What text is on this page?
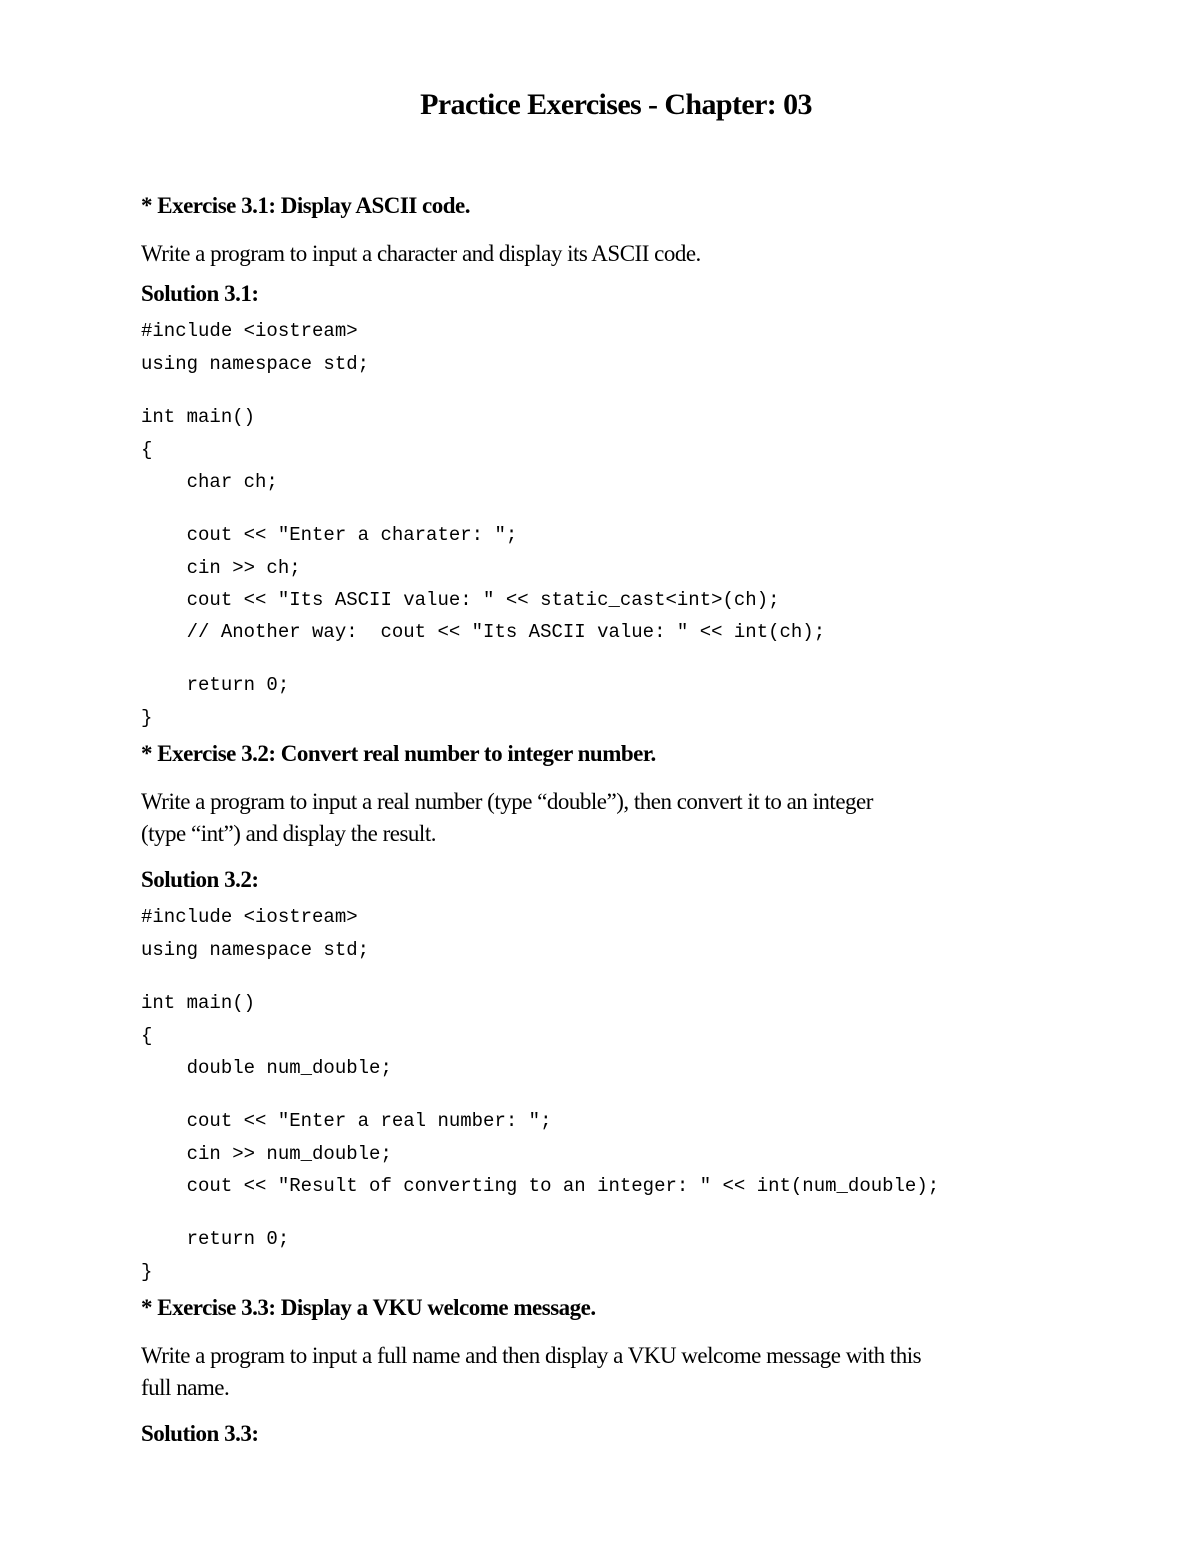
Practice Exercises - Chapter: 03
* Exercise 3.1: Display ASCII code.
Write a program to input a character and display its ASCII code.
Solution 3.1:
#include <iostream>
using namespace std;
int main()
{
char ch;
cout << "Enter a charater: ";
cin >> ch;
cout << "Its ASCII value: " << static_cast<int>(ch);
// Another way:  cout << "Its ASCII value: " << int(ch);
return 0;
}
* Exercise 3.2: Convert real number to integer number.
Write a program to input a real number (type “double”), then convert it to an integer
(type “int”) and display the result.
Solution 3.2:
#include <iostream>
using namespace std;
int main()
{
double num_double;
cout << "Enter a real number: ";
cin >> num_double;
cout << "Result of converting to an integer: " << int(num_double);
return 0;
}
* Exercise 3.3: Display a VKU welcome message.
Write a program to input a full name and then display a VKU welcome message with this
full name.
Solution 3.3:
